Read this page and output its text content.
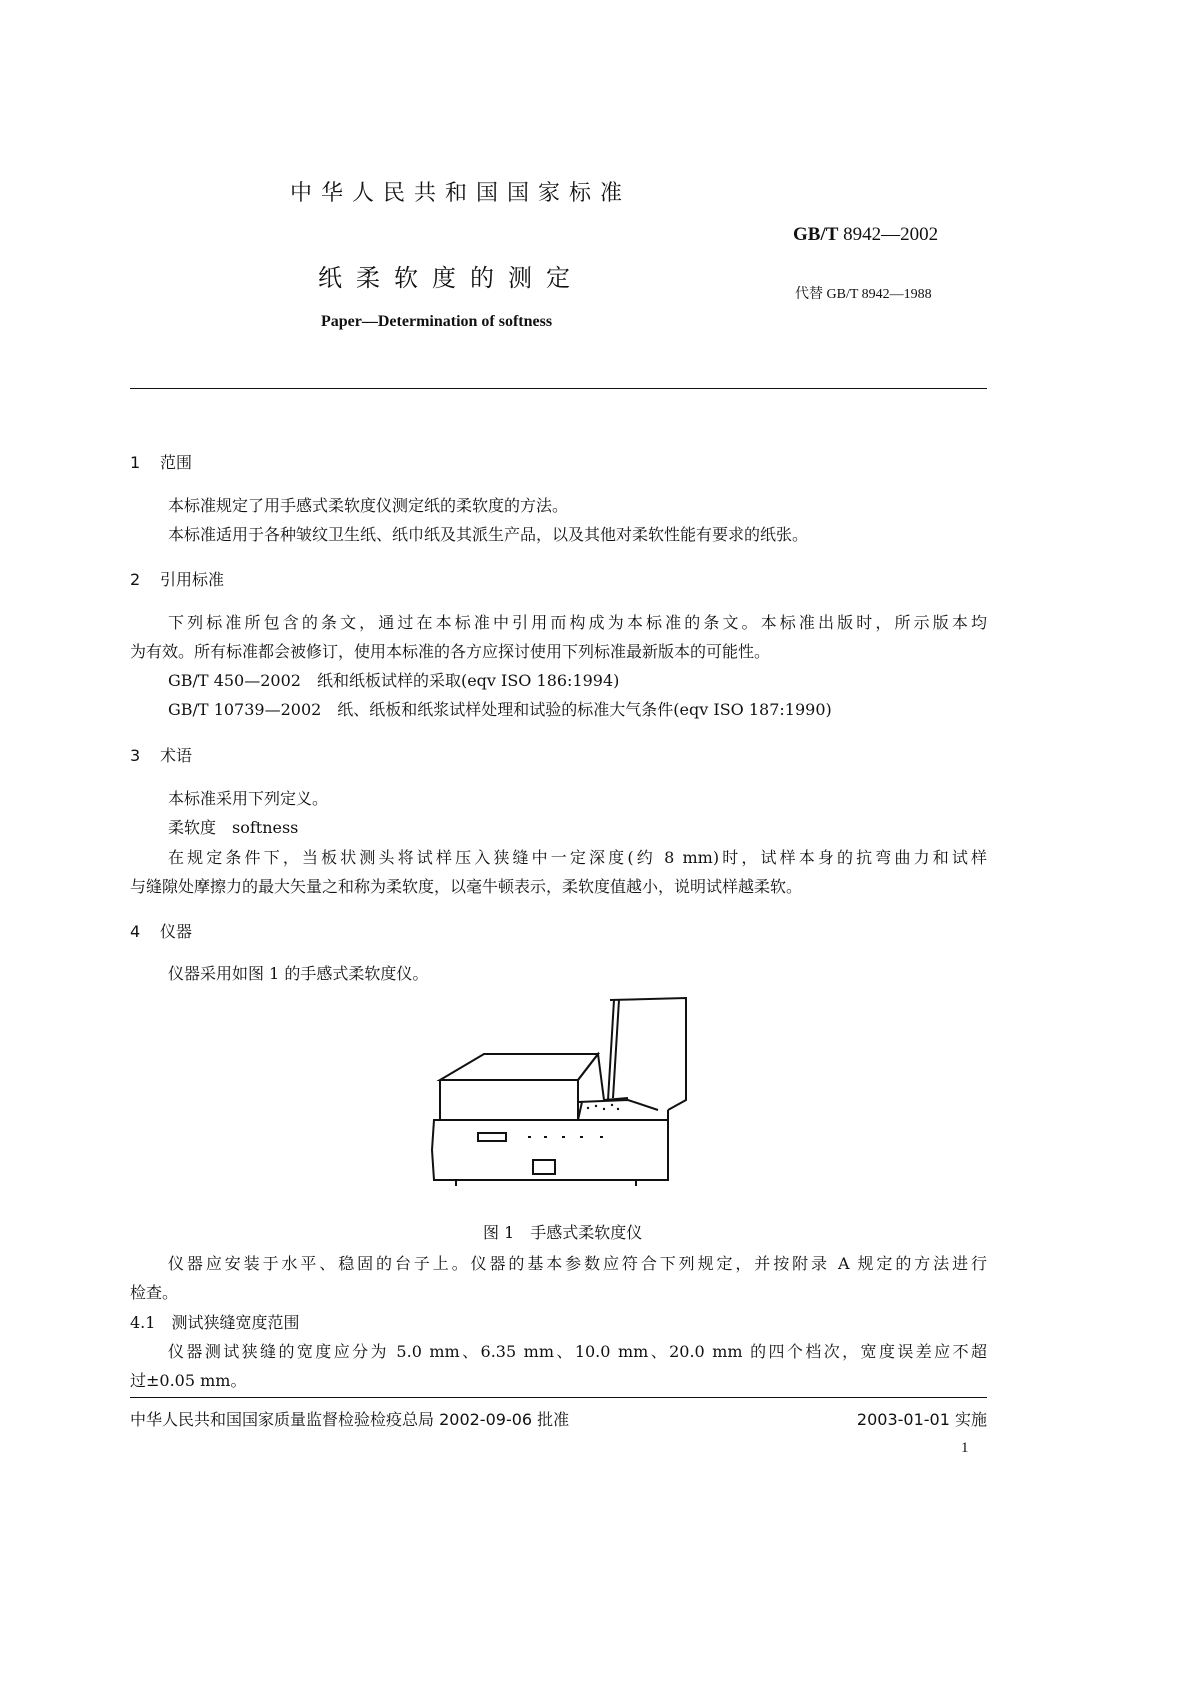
中华人民共和国国家标准
GB/T 8942—2002
纸柔软度的测定
代替 GB/T 8942—1988
Paper—Determination of softness
1 范围
本标准规定了用手感式柔软度仪测定纸的柔软度的方法。
本标准适用于各种皱纹卫生纸、纸巾纸及其派生产品，以及其他对柔软性能有要求的纸张。
2 引用标准
下列标准所包含的条文，通过在本标准中引用而构成为本标准的条文。本标准出版时，所示版本均
为有效。所有标准都会被修订，使用本标准的各方应探讨使用下列标准最新版本的可能性。
GB/T 450—2002　纸和纸板试样的采取(eqv ISO 186:1994)
GB/T 10739—2002　纸、纸板和纸浆试样处理和试验的标准大气条件(eqv ISO 187:1990)
3 术语
本标准采用下列定义。
柔软度　softness
在规定条件下，当板状测头将试样压入狭缝中一定深度(约 8 mm)时，试样本身的抗弯曲力和试样
与缝隙处摩擦力的最大矢量之和称为柔软度，以毫牛顿表示，柔软度值越小，说明试样越柔软。
4 仪器
仪器采用如图 1 的手感式柔软度仪。
图 1　手感式柔软度仪
仪器应安装于水平、稳固的台子上。仪器的基本参数应符合下列规定，并按附录 A 规定的方法进行
检查。
4.1　测试狭缝宽度范围
仪器测试狭缝的宽度应分为 5.0 mm、6.35 mm、10.0 mm、20.0 mm 的四个档次，宽度误差应不超
过±0.05 mm。
中华人民共和国国家质量监督检验检疫总局 2002-09-06 批准	2003-01-01 实施
1
